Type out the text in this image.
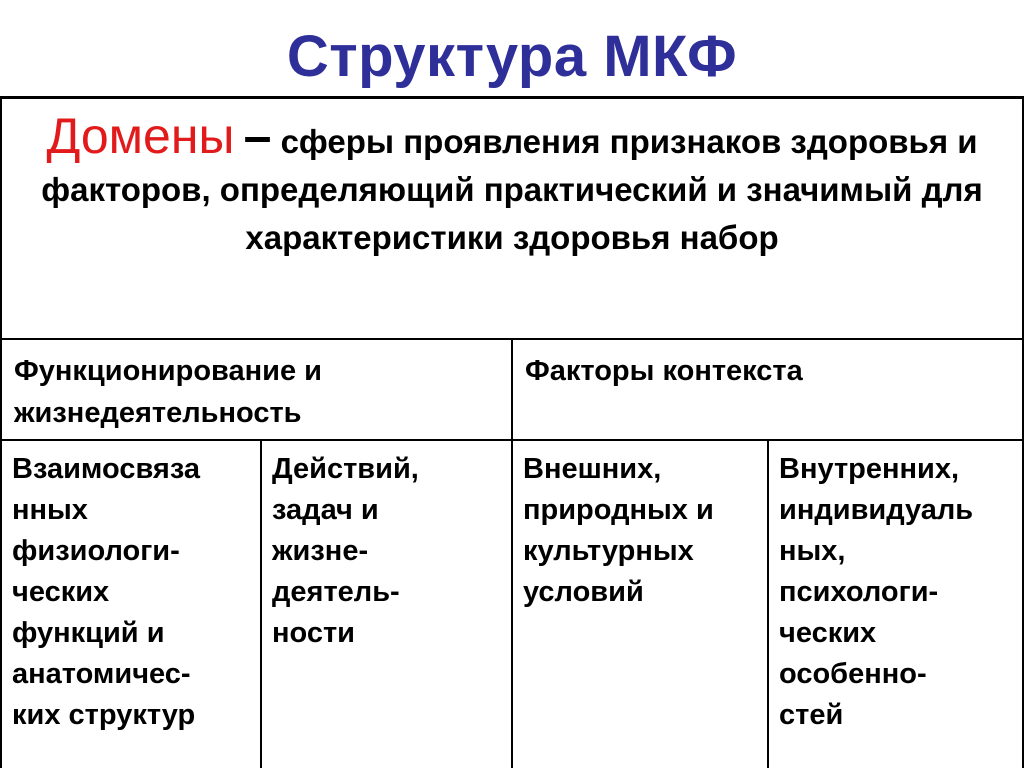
Структура МКФ
Домены – сферы проявления признаков здоровья и факторов, определяющий практический и значимый для характеристики здоровья набор
Функционирование и жизнедеятельность
Факторы контекста
Взаимосвяза
нных
физиологи-
ческих
функций и
анатомичес-
ких структур
Действий,
задач и
жизне-
деятель-
ности
Внешних,
природных и
культурных
условий
Внутренних,
индивидуаль
ных,
психологи-
ческих
особенно-
стей
